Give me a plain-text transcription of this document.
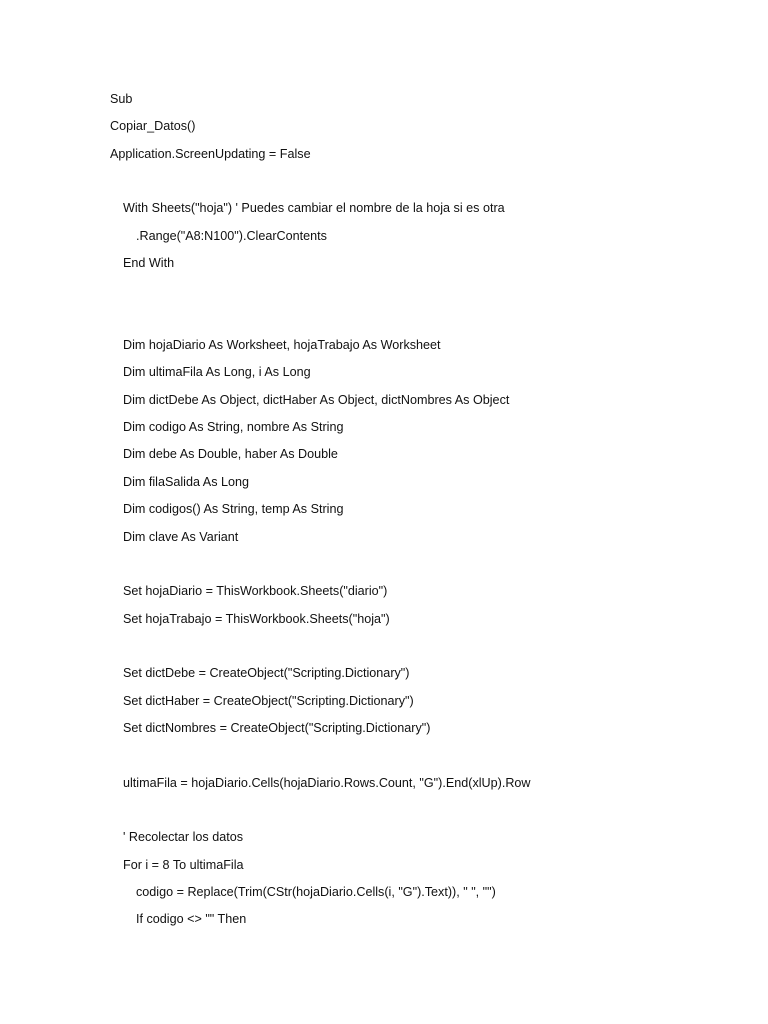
Sub
Copiar_Datos()
Application.ScreenUpdating = False
With Sheets("hoja") ' Puedes cambiar el nombre de la hoja si es otra
.Range("A8:N100").ClearContents
End With
Dim hojaDiario As Worksheet, hojaTrabajo As Worksheet
Dim ultimaFila As Long, i As Long
Dim dictDebe As Object, dictHaber As Object, dictNombres As Object
Dim codigo As String, nombre As String
Dim debe As Double, haber As Double
Dim filaSalida As Long
Dim codigos() As String, temp As String
Dim clave As Variant
Set hojaDiario = ThisWorkbook.Sheets("diario")
Set hojaTrabajo = ThisWorkbook.Sheets("hoja")
Set dictDebe = CreateObject("Scripting.Dictionary")
Set dictHaber = CreateObject("Scripting.Dictionary")
Set dictNombres = CreateObject("Scripting.Dictionary")
ultimaFila = hojaDiario.Cells(hojaDiario.Rows.Count, "G").End(xlUp).Row
' Recolectar los datos
For i = 8 To ultimaFila
codigo = Replace(Trim(CStr(hojaDiario.Cells(i, "G").Text)), " ", "")
If codigo <> "" Then
